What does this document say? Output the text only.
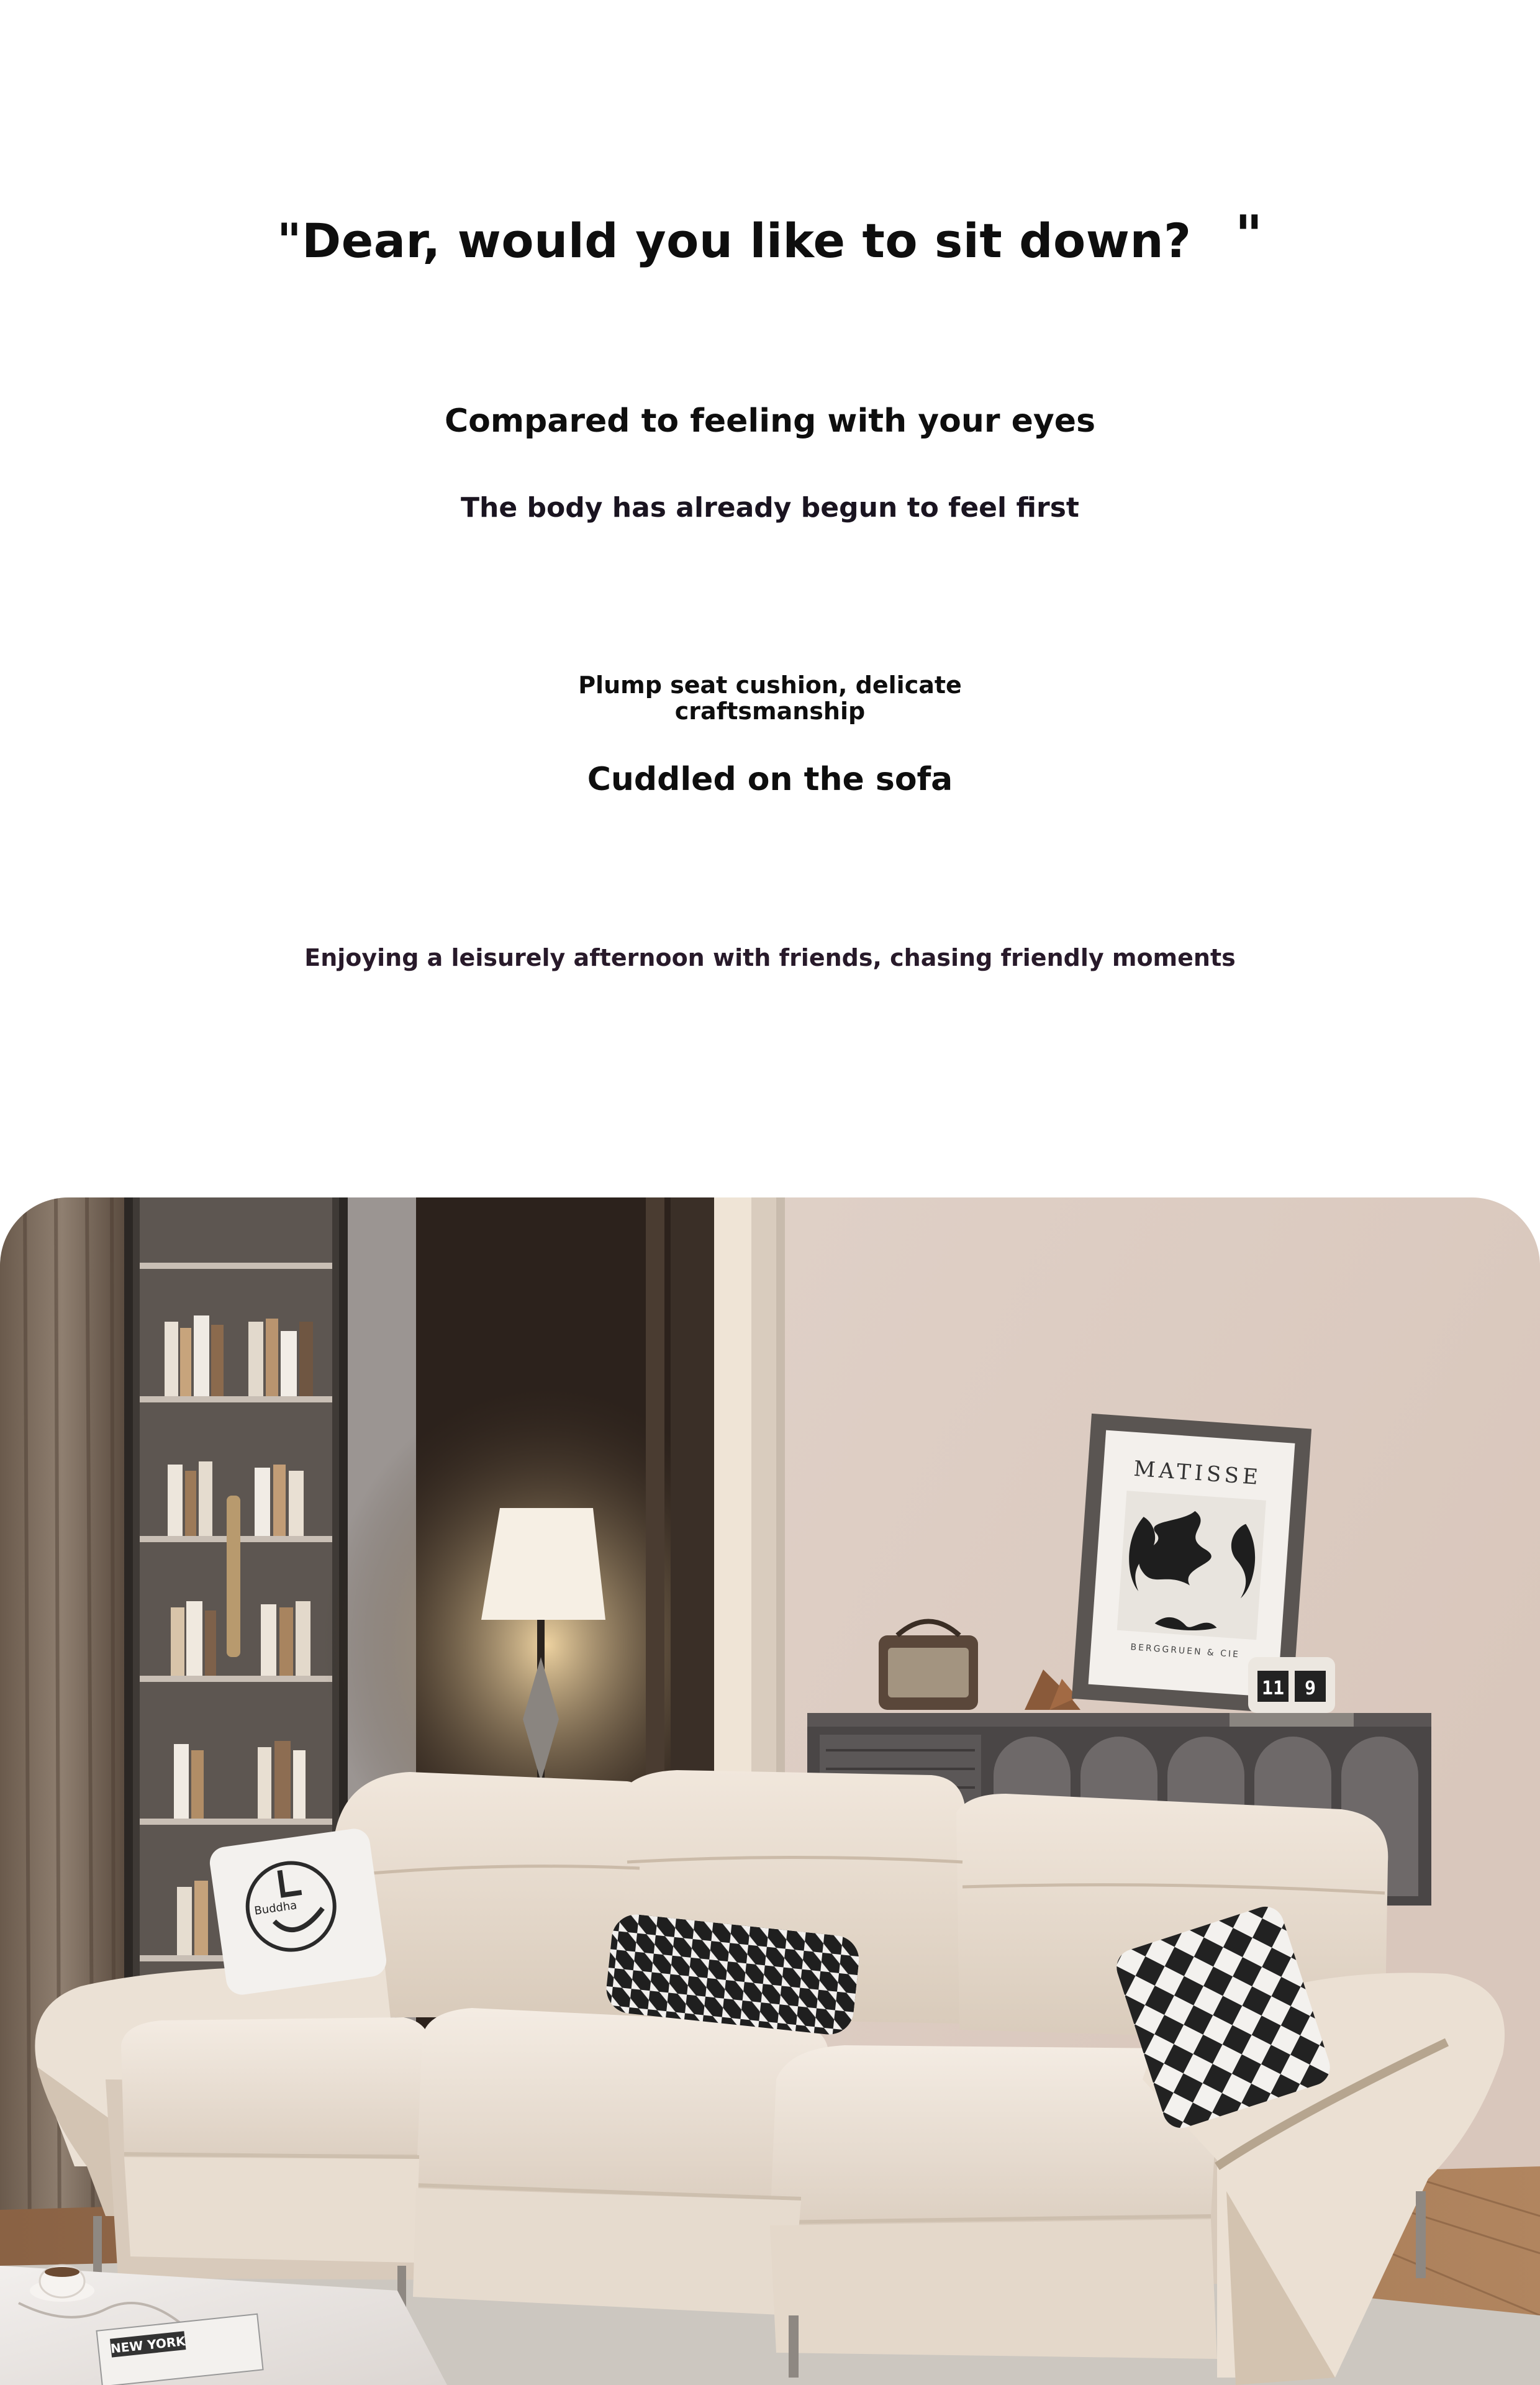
"Dear, would you like to sit down? "
Compared to feeling with your eyes
The body has already begun to feel first
Plump seat cushion, delicate craftsmanship
Cuddled on the sofa
Enjoying a leisurely afternoon with friends, chasing friendly moments
MATISSE
BERGGRUEN & CIE
11 9
Buddha
NEW YORK
